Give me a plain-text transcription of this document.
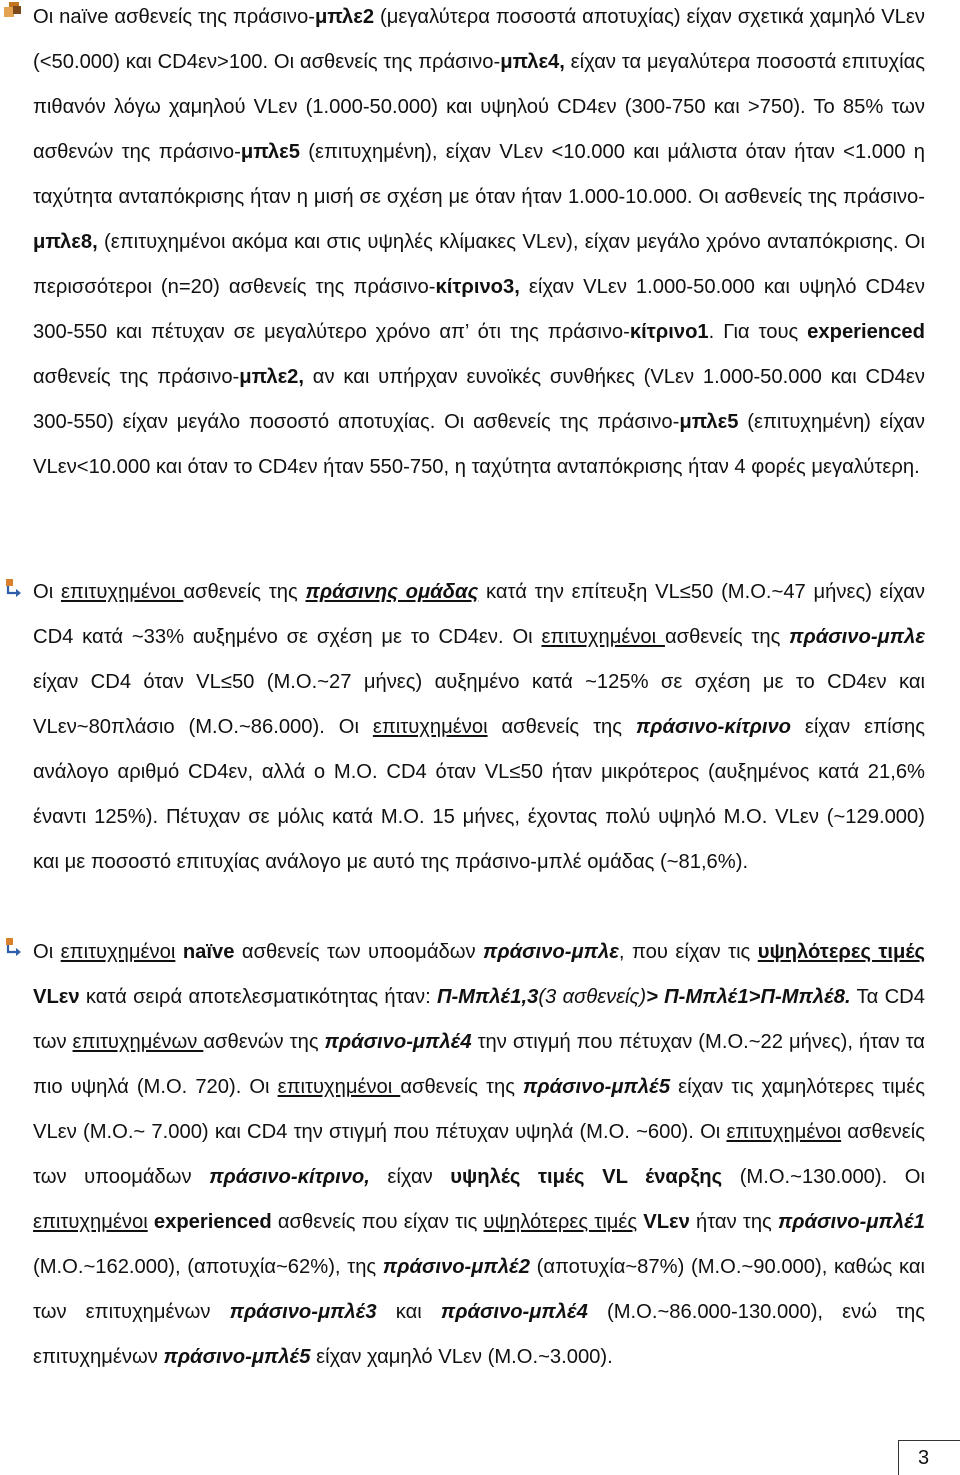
Οι naïve ασθενείς της πράσινο-μπλε2 (μεγαλύτερα ποσοστά αποτυχίας) είχαν σχετικά χαμηλό VLεν (<50.000) και CD4εν>100. Οι ασθενείς της πράσινο-μπλε4, είχαν τα μεγαλύτερα ποσοστά επιτυχίας πιθανόν λόγω χαμηλού VLεν (1.000-50.000) και υψηλού CD4εν (300-750 και >750). Το 85% των ασθενών της πράσινο-μπλε5 (επιτυχημένη), είχαν VLεν <10.000 και μάλιστα όταν ήταν <1.000 η ταχύτητα ανταπόκρισης ήταν η μισή σε σχέση με όταν ήταν 1.000-10.000. Οι ασθενείς της πράσινο-μπλε8, (επιτυχημένοι ακόμα και στις υψηλές κλίμακες VLεν), είχαν μεγάλο χρόνο ανταπόκρισης. Οι περισσότεροι (n=20) ασθενείς της πράσινο-κίτρινο3, είχαν VLεν 1.000-50.000 και υψηλό CD4εν 300-550 και πέτυχαν σε μεγαλύτερο χρόνο απ’ ότι της πράσινο-κίτρινο1. Για τους experienced ασθενείς της πράσινο-μπλε2, αν και υπήρχαν ευνοϊκές συνθήκες (VLεν 1.000-50.000 και CD4εν 300-550) είχαν μεγάλο ποσοστό αποτυχίας. Οι ασθενείς της πράσινο-μπλε5 (επιτυχημένη) είχαν VLεν<10.000 και όταν το CD4εν ήταν 550-750, η ταχύτητα ανταπόκρισης ήταν 4 φορές μεγαλύτερη.
Οι επιτυχημένοι ασθενείς της πράσινης ομάδας κατά την επίτευξη VL≤50 (Μ.Ο.~47 μήνες) είχαν CD4 κατά ~33% αυξημένο σε σχέση με το CD4εν. Οι επιτυχημένοι ασθενείς της πράσινο-μπλε είχαν CD4 όταν VL≤50 (Μ.Ο.~27 μήνες) αυξημένο κατά ~125% σε σχέση με το CD4εν και VLεν~80πλάσιο (Μ.Ο.~86.000). Οι επιτυχημένοι ασθενείς της πράσινο-κίτρινο είχαν επίσης ανάλογο αριθμό CD4εν, αλλά ο Μ.Ο. CD4 όταν VL≤50 ήταν μικρότερος (αυξημένος κατά 21,6% έναντι 125%). Πέτυχαν σε μόλις κατά Μ.Ο. 15 μήνες, έχοντας πολύ υψηλό Μ.Ο. VLεν (~129.000) και με ποσοστό επιτυχίας ανάλογο με αυτό της πράσινο-μπλέ ομάδας (~81,6%).
Οι επιτυχημένοι naïve ασθενείς των υποομάδων πράσινο-μπλε, που είχαν τις υψηλότερες τιμές VLεν κατά σειρά αποτελεσματικότητας ήταν: Π-Μπλέ1,3(3 ασθενείς)> Π-Μπλέ1>Π-Μπλέ8. Τα CD4 των επιτυχημένων ασθενών της πράσινο-μπλέ4 την στιγμή που πέτυχαν (Μ.Ο.~22 μήνες), ήταν τα πιο υψηλά (Μ.Ο. 720). Οι επιτυχημένοι ασθενείς της πράσινο-μπλέ5 είχαν τις χαμηλότερες τιμές VLεν (Μ.Ο.~ 7.000) και CD4 την στιγμή που πέτυχαν υψηλά (Μ.Ο. ~600). Οι επιτυχημένοι ασθενείς των υποομάδων πράσινο-κίτρινο, είχαν υψηλές τιμές VL έναρξης (Μ.Ο.~130.000). Οι επιτυχημένοι experienced ασθενείς που είχαν τις υψηλότερες τιμές VLεν ήταν της πράσινο-μπλέ1 (Μ.Ο.~162.000), (αποτυχία~62%), της πράσινο-μπλέ2 (αποτυχία~87%) (Μ.Ο.~90.000), καθώς και των επιτυχημένων πράσινο-μπλέ3 και πράσινο-μπλέ4 (Μ.Ο.~86.000-130.000), ενώ της επιτυχημένων πράσινο-μπλέ5 είχαν χαμηλό VLεν (Μ.Ο.~3.000).
3
